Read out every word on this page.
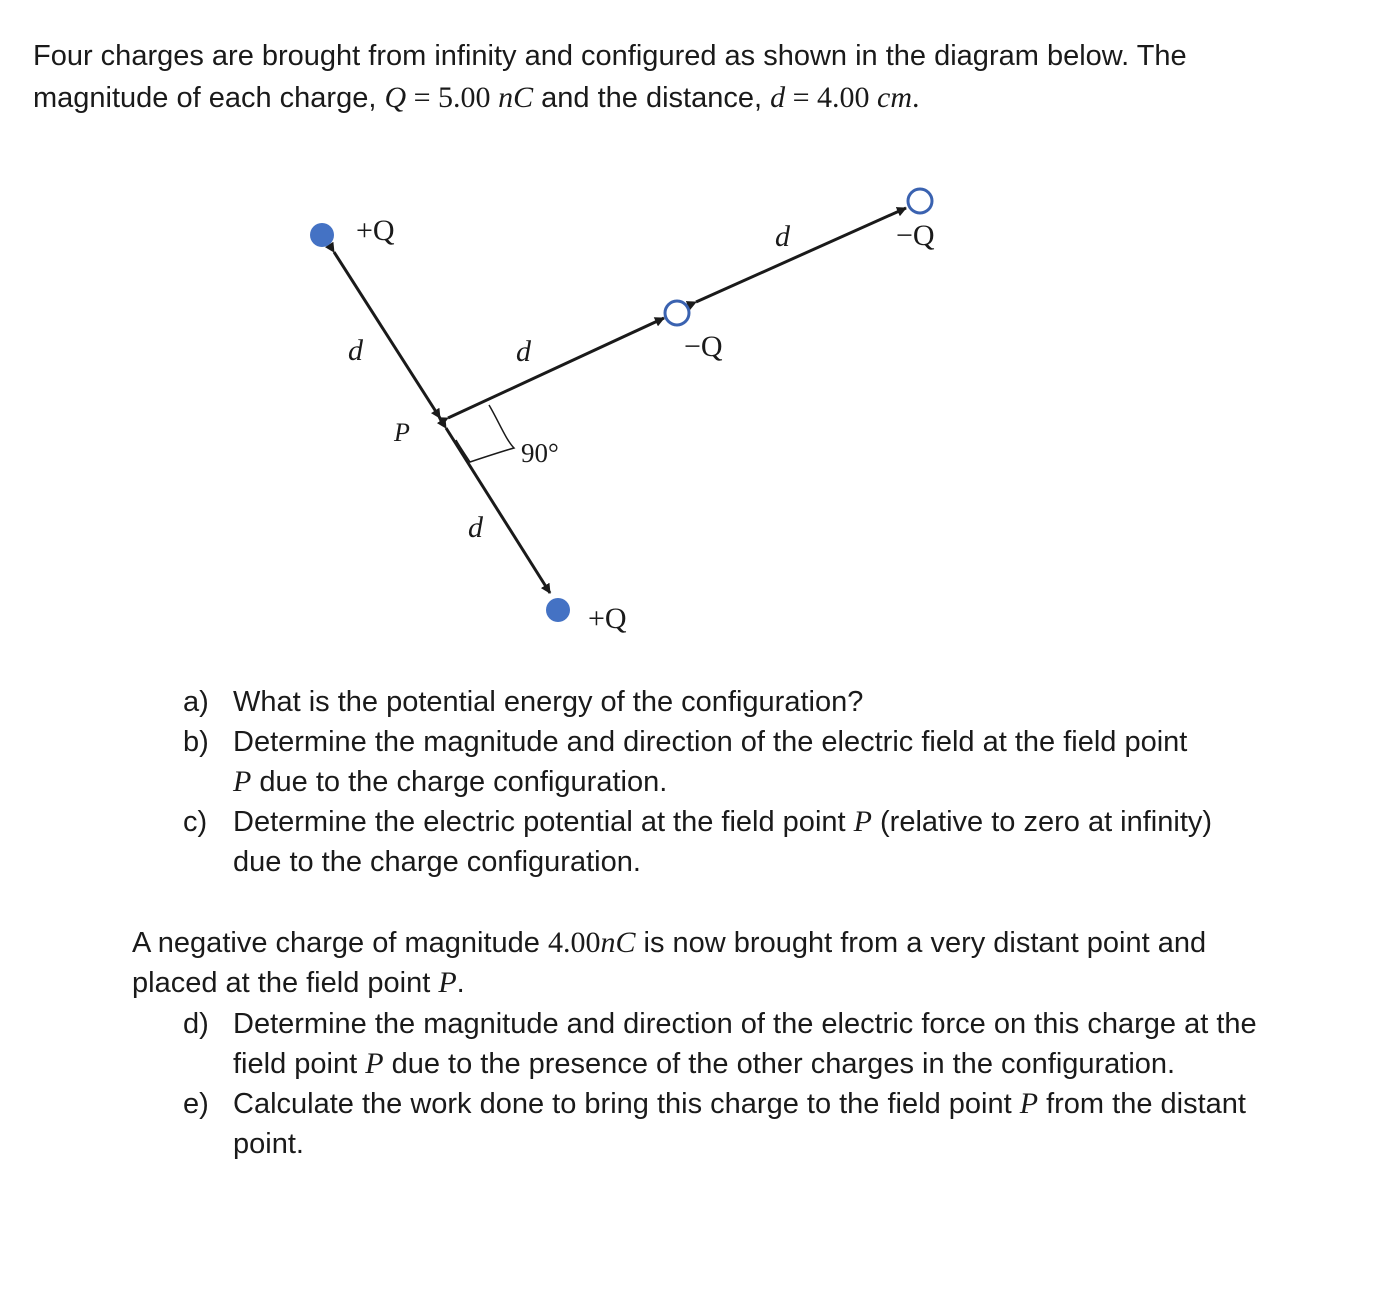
Four charges are brought from infinity and configured as shown in the diagram below. The
magnitude of each charge, Q = 5.00 nC and the distance, d = 4.00 cm.
+Q	−Q
−Q
+Q
d
d	d
d
P
90°
a) What is the potential energy of the configuration?
b) Determine the magnitude and direction of the electric field at the field point
P due to the charge configuration.
c) Determine the electric potential at the field point P (relative to zero at infinity)
due to the charge configuration.
A negative charge of magnitude 4.00nC is now brought from a very distant point and
placed at the field point P.
d) Determine the magnitude and direction of the electric force on this charge at the
field point P due to the presence of the other charges in the configuration.
e) Calculate the work done to bring this charge to the field point P from the distant
point.
